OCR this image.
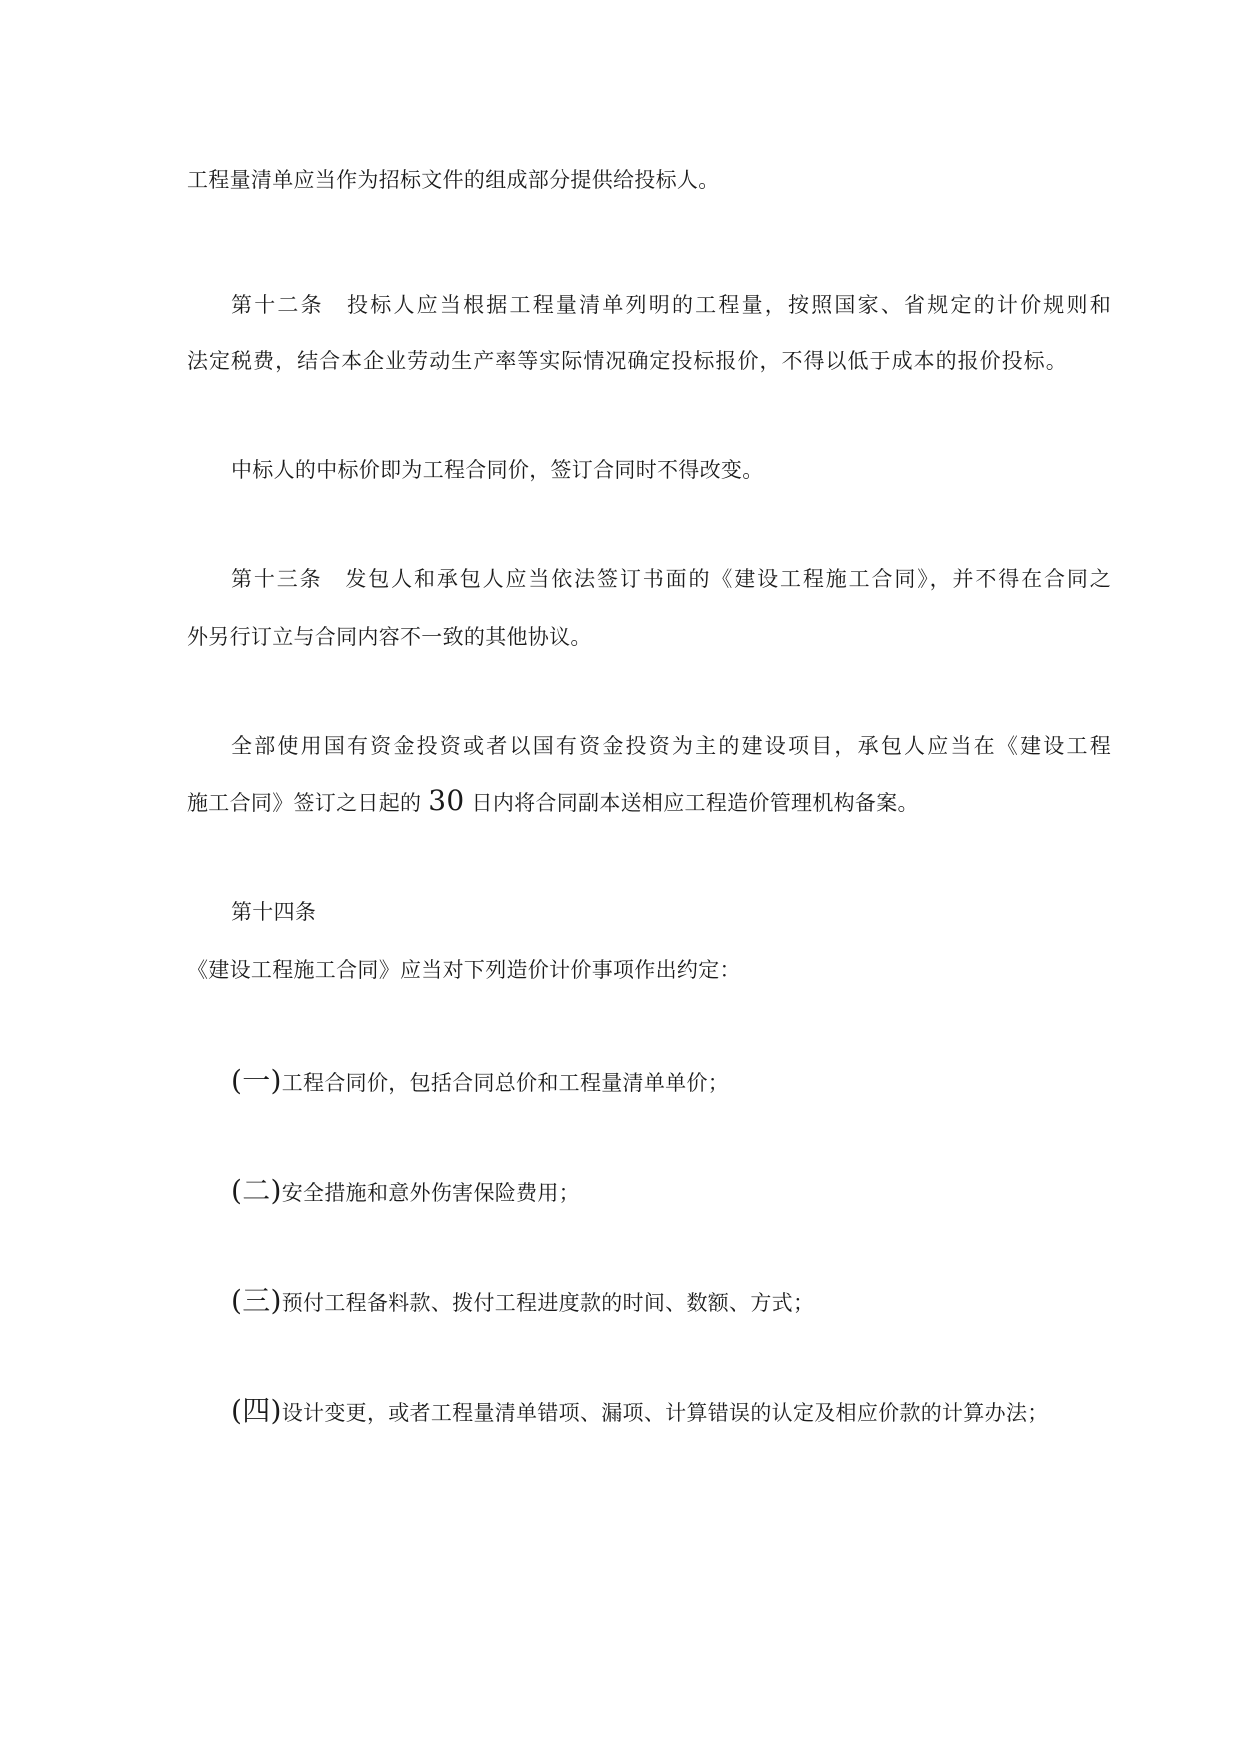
工程量清单应当作为招标文件的组成部分提供给投标人。
第十二条　投标人应当根据工程量清单列明的工程量，按照国家、省规定的计价规则和
法定税费，结合本企业劳动生产率等实际情况确定投标报价，不得以低于成本的报价投标。
中标人的中标价即为工程合同价，签订合同时不得改变。
第十三条　发包人和承包人应当依法签订书面的《建设工程施工合同》，并不得在合同之
外另行订立与合同内容不一致的其他协议。
全部使用国有资金投资或者以国有资金投资为主的建设项目，承包人应当在《建设工程
施工合同》签订之日起的 30 日内将合同副本送相应工程造价管理机构备案。
第十四条
《建设工程施工合同》应当对下列造价计价事项作出约定：
(一)工程合同价，包括合同总价和工程量清单单价；
(二)安全措施和意外伤害保险费用；
(三)预付工程备料款、拨付工程进度款的时间、数额、方式；
(四)设计变更，或者工程量清单错项、漏项、计算错误的认定及相应价款的计算办法；
